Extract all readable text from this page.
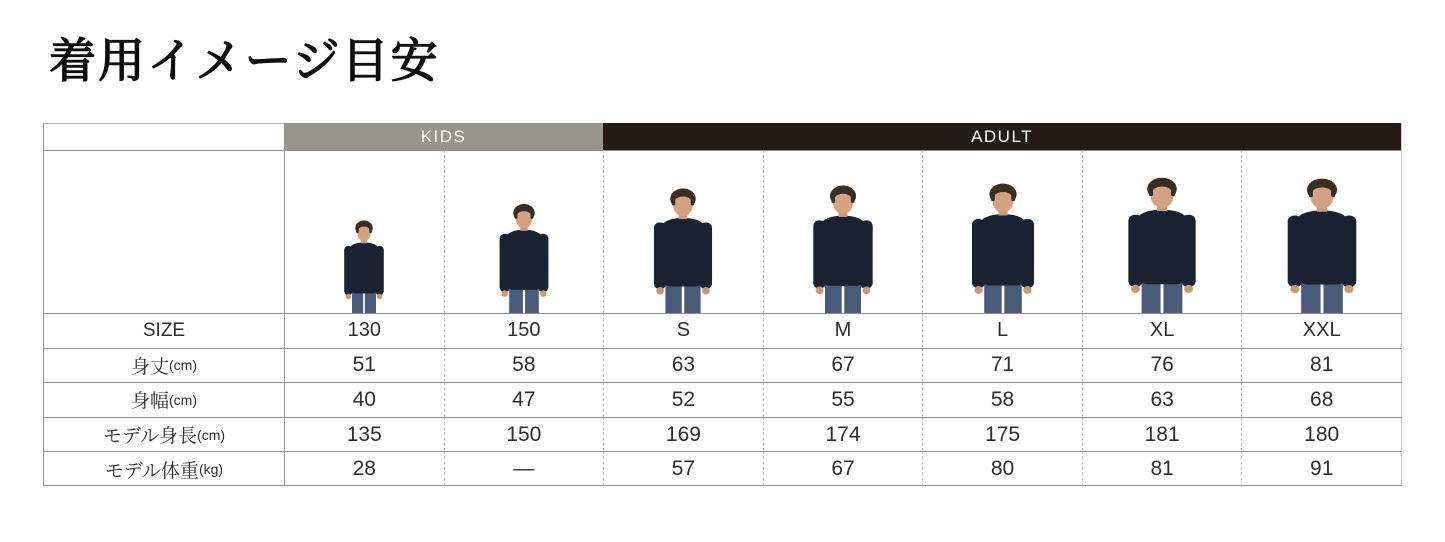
着用イメージ目安
KIDS	ADULT
SIZE	130	150	S	M	L	XL	XXL
身丈 (cm)	51	58	63	67	71	76	81
身幅 (cm)	40	47	52	55	58	63	68
モデル身長 (cm)	135	150	169	174	175	181	180
モデル体重 (kg)	28	—	57	67	80	81	91
